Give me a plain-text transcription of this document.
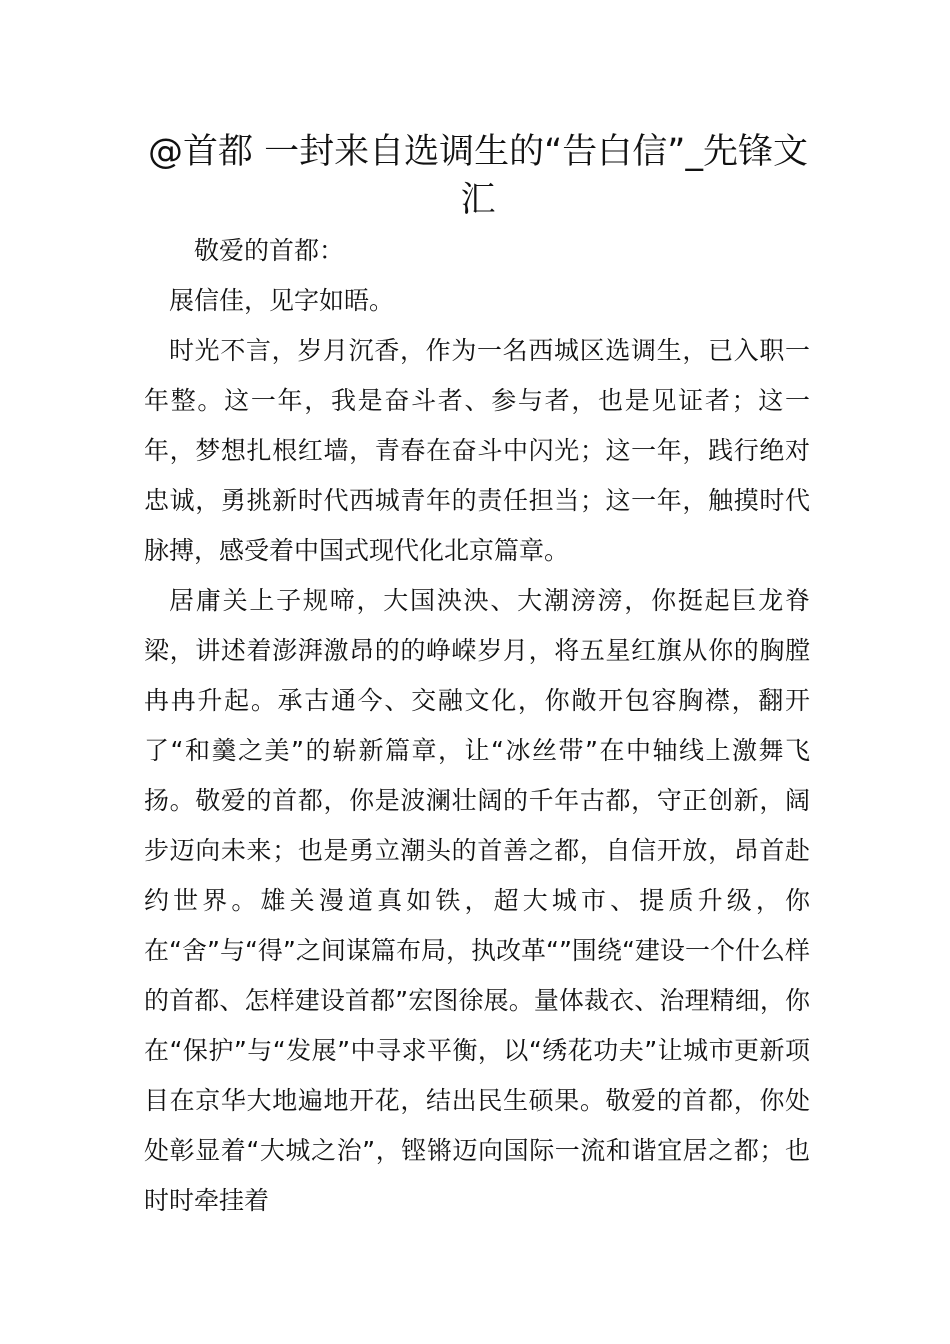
@首都 一封来自选调生的“告白信”_先锋文汇

敬爱的首都：

展信佳，见字如晤。

时光不言，岁月沉香，作为一名西城区选调生，已入职一年整。这一年，我是奋斗者、参与者，也是见证者；这一年，梦想扎根红墙，青春在奋斗中闪光；这一年，践行绝对忠诚，勇挑新时代西城青年的责任担当；这一年，触摸时代脉搏，感受着中国式现代化北京篇章。

居庸关上子规啼，大国泱泱、大潮滂滂，你挺起巨龙脊梁，讲述着澎湃激昂的的峥嵘岁月，将五星红旗从你的胸膛冉冉升起。承古通今、交融文化，你敞开包容胸襟，翻开了“和羹之美”的崭新篇章，让“冰丝带”在中轴线上激舞飞扬。敬爱的首都，你是波澜壮阔的千年古都，守正创新，阔步迈向未来；也是勇立潮头的首善之都，自信开放，昂首赴约世界。雄关漫道真如铁，超大城市、提质升级，你在“舍”与“得”之间谋篇布局，执改革“”围绕“建设一个什么样的首都、怎样建设首都”宏图徐展。量体裁衣、治理精细，你在“保护”与“发展”中寻求平衡，以“绣花功夫”让城市更新项目在京华大地遍地开花，结出民生硕果。敬爱的首都，你处处彰显着“大城之治”，铿锵迈向国际一流和谐宜居之都；也时时牵挂着
